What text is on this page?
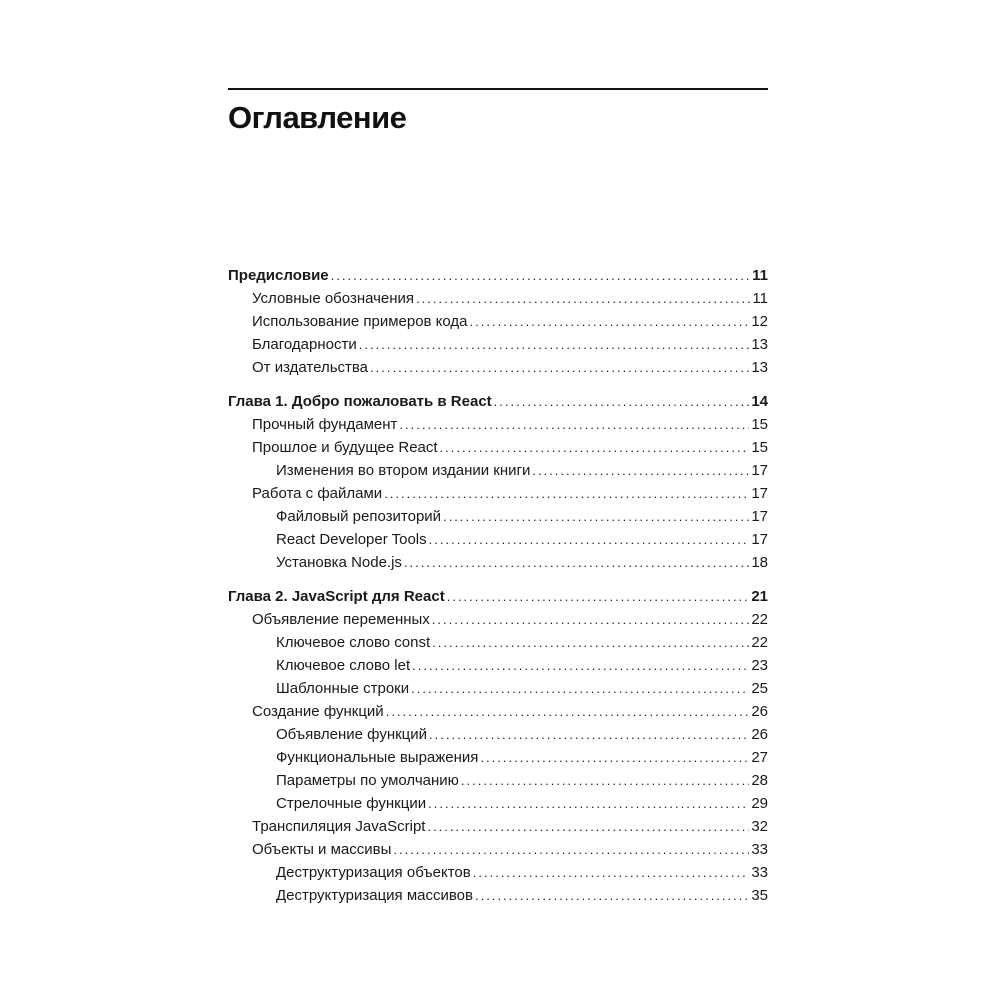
Оглавление
Предисловие .....	11
Условные обозначения .....	11
Использование примеров кода .....	12
Благодарности .....	13
От издательства .....	13
Глава 1. Добро пожаловать в React .....	14
Прочный фундамент .....	15
Прошлое и будущее React .....	15
Изменения во втором издании книги .....	17
Работа с файлами .....	17
Файловый репозиторий .....	17
React Developer Tools .....	17
Установка Node.js .....	18
Глава 2. JavaScript для React .....	21
Объявление переменных .....	22
Ключевое слово const .....	22
Ключевое слово let .....	23
Шаблонные строки .....	25
Создание функций .....	26
Объявление функций .....	26
Функциональные выражения .....	27
Параметры по умолчанию .....	28
Стрелочные функции .....	29
Транспиляция JavaScript .....	32
Объекты и массивы .....	33
Деструктуризация объектов .....	33
Деструктуризация массивов .....	35
